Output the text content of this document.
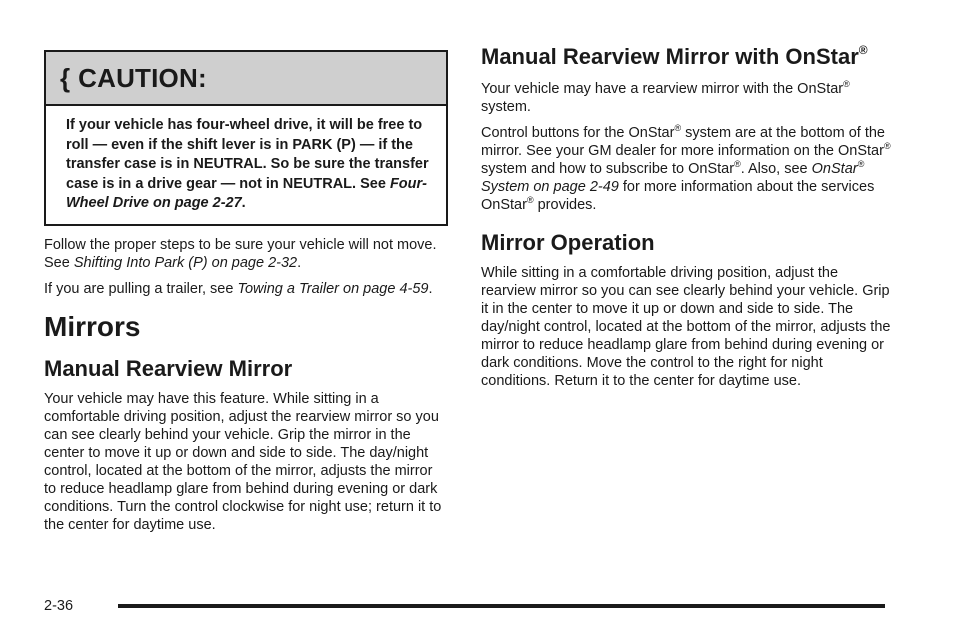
{ CAUTION:
If your vehicle has four-wheel drive, it will be free to roll — even if the shift lever is in PARK (P) — if the transfer case is in NEUTRAL. So be sure the transfer case is in a drive gear — not in NEUTRAL. See Four-Wheel Drive on page 2-27.

Follow the proper steps to be sure your vehicle will not move. See Shifting Into Park (P) on page 2-32.

If you are pulling a trailer, see Towing a Trailer on page 4-59.

Mirrors
Manual Rearview Mirror

Your vehicle may have this feature. While sitting in a comfortable driving position, adjust the rearview mirror so you can see clearly behind your vehicle. Grip the mirror in the center to move it up or down and side to side. The day/night control, located at the bottom of the mirror, adjusts the mirror to reduce headlamp glare from behind during evening or dark conditions. Turn the control clockwise for night use; return it to the center for daytime use.

Manual Rearview Mirror with OnStar®

Your vehicle may have a rearview mirror with the OnStar® system.

Control buttons for the OnStar® system are at the bottom of the mirror. See your GM dealer for more information on the OnStar® system and how to subscribe to OnStar®. Also, see OnStar® System on page 2-49 for more information about the services OnStar® provides.

Mirror Operation

While sitting in a comfortable driving position, adjust the rearview mirror so you can see clearly behind your vehicle. Grip it in the center to move it up or down and side to side. The day/night control, located at the bottom of the mirror, adjusts the mirror to reduce headlamp glare from behind during evening or dark conditions. Move the control to the right for night conditions. Return it to the center for daytime use.

2-36
